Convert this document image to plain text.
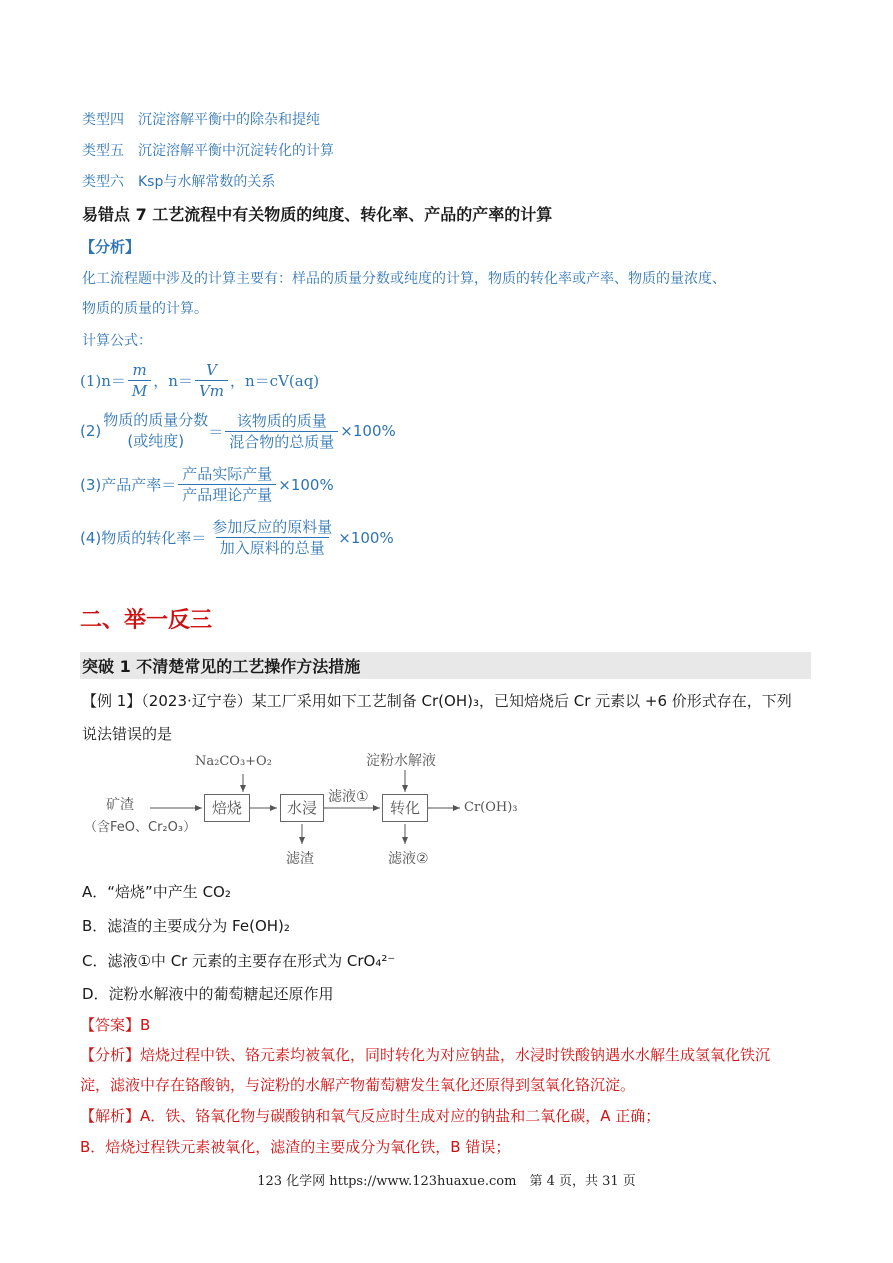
类型四　 沉淀溶解平衡中的除杂和提纯
类型五　 沉淀溶解平衡中沉淀转化的计算
类型六　 Ksp与水解常数的关系
易错点 7 工艺流程中有关物质的纯度、转化率、产品的产率的计算
【分析】
化工流程题中涉及的计算主要有：样品的质量分数或纯度的计算，物质的转化率或产率、物质的量浓度、
物质的质量的计算。
计算公式：
$(1)n= \frac{m}{M}$ ，$n= \frac{V}{Vm}$ ，n＝cV(aq)
(2)
物质的质量分数
(或纯度)
＝ $\frac{\text{该物质的质量}}{\text{混合物的总质量}} \times 100\%$
(3)产品产率＝ $\frac{\text{产品实际产量}}{\text{产品理论产量}} \times 100\%$
(4)物质的转化率＝ $\frac{\text{参加反应的原料量}}{\text{加入原料的总量}} \times 100\%$
二、举一反三
突破 1 不清楚常见的工艺操作方法措施
【例 1】（2023·辽宁卷）某工厂采用如下工艺制备 Cr(OH)₃，已知焙烧后 Cr 元素以 +6 价形式存在，下列
说法错误的是
Na₂CO₃+O₂	淀粉水解液
矿渣
（含FeO、Cr₂O₃）
焙烧	水浸
滤液①
转化	Cr(OH)₃
滤渣	滤液②
A．“焙烧”中产生 CO₂
B．滤渣的主要成分为 Fe(OH)₂
C．滤液①中 Cr 元素的主要存在形式为 CrO₄²⁻
D．淀粉水解液中的葡萄糖起还原作用
【答案】B
【分析】焙烧过程中铁、铬元素均被氧化，同时转化为对应钠盐，水浸时铁酸钠遇水水解生成氢氧化铁沉
淀，滤液中存在铬酸钠，与淀粉的水解产物葡萄糖发生氧化还原得到氢氧化铬沉淀。
【解析】A．铁、铬氧化物与碳酸钠和氧气反应时生成对应的钠盐和二氧化碳，A 正确；
B．焙烧过程铁元素被氧化，滤渣的主要成分为氧化铁，B 错误；
123 化学网 https://www.123huaxue.com　第 4 页，共 31 页
